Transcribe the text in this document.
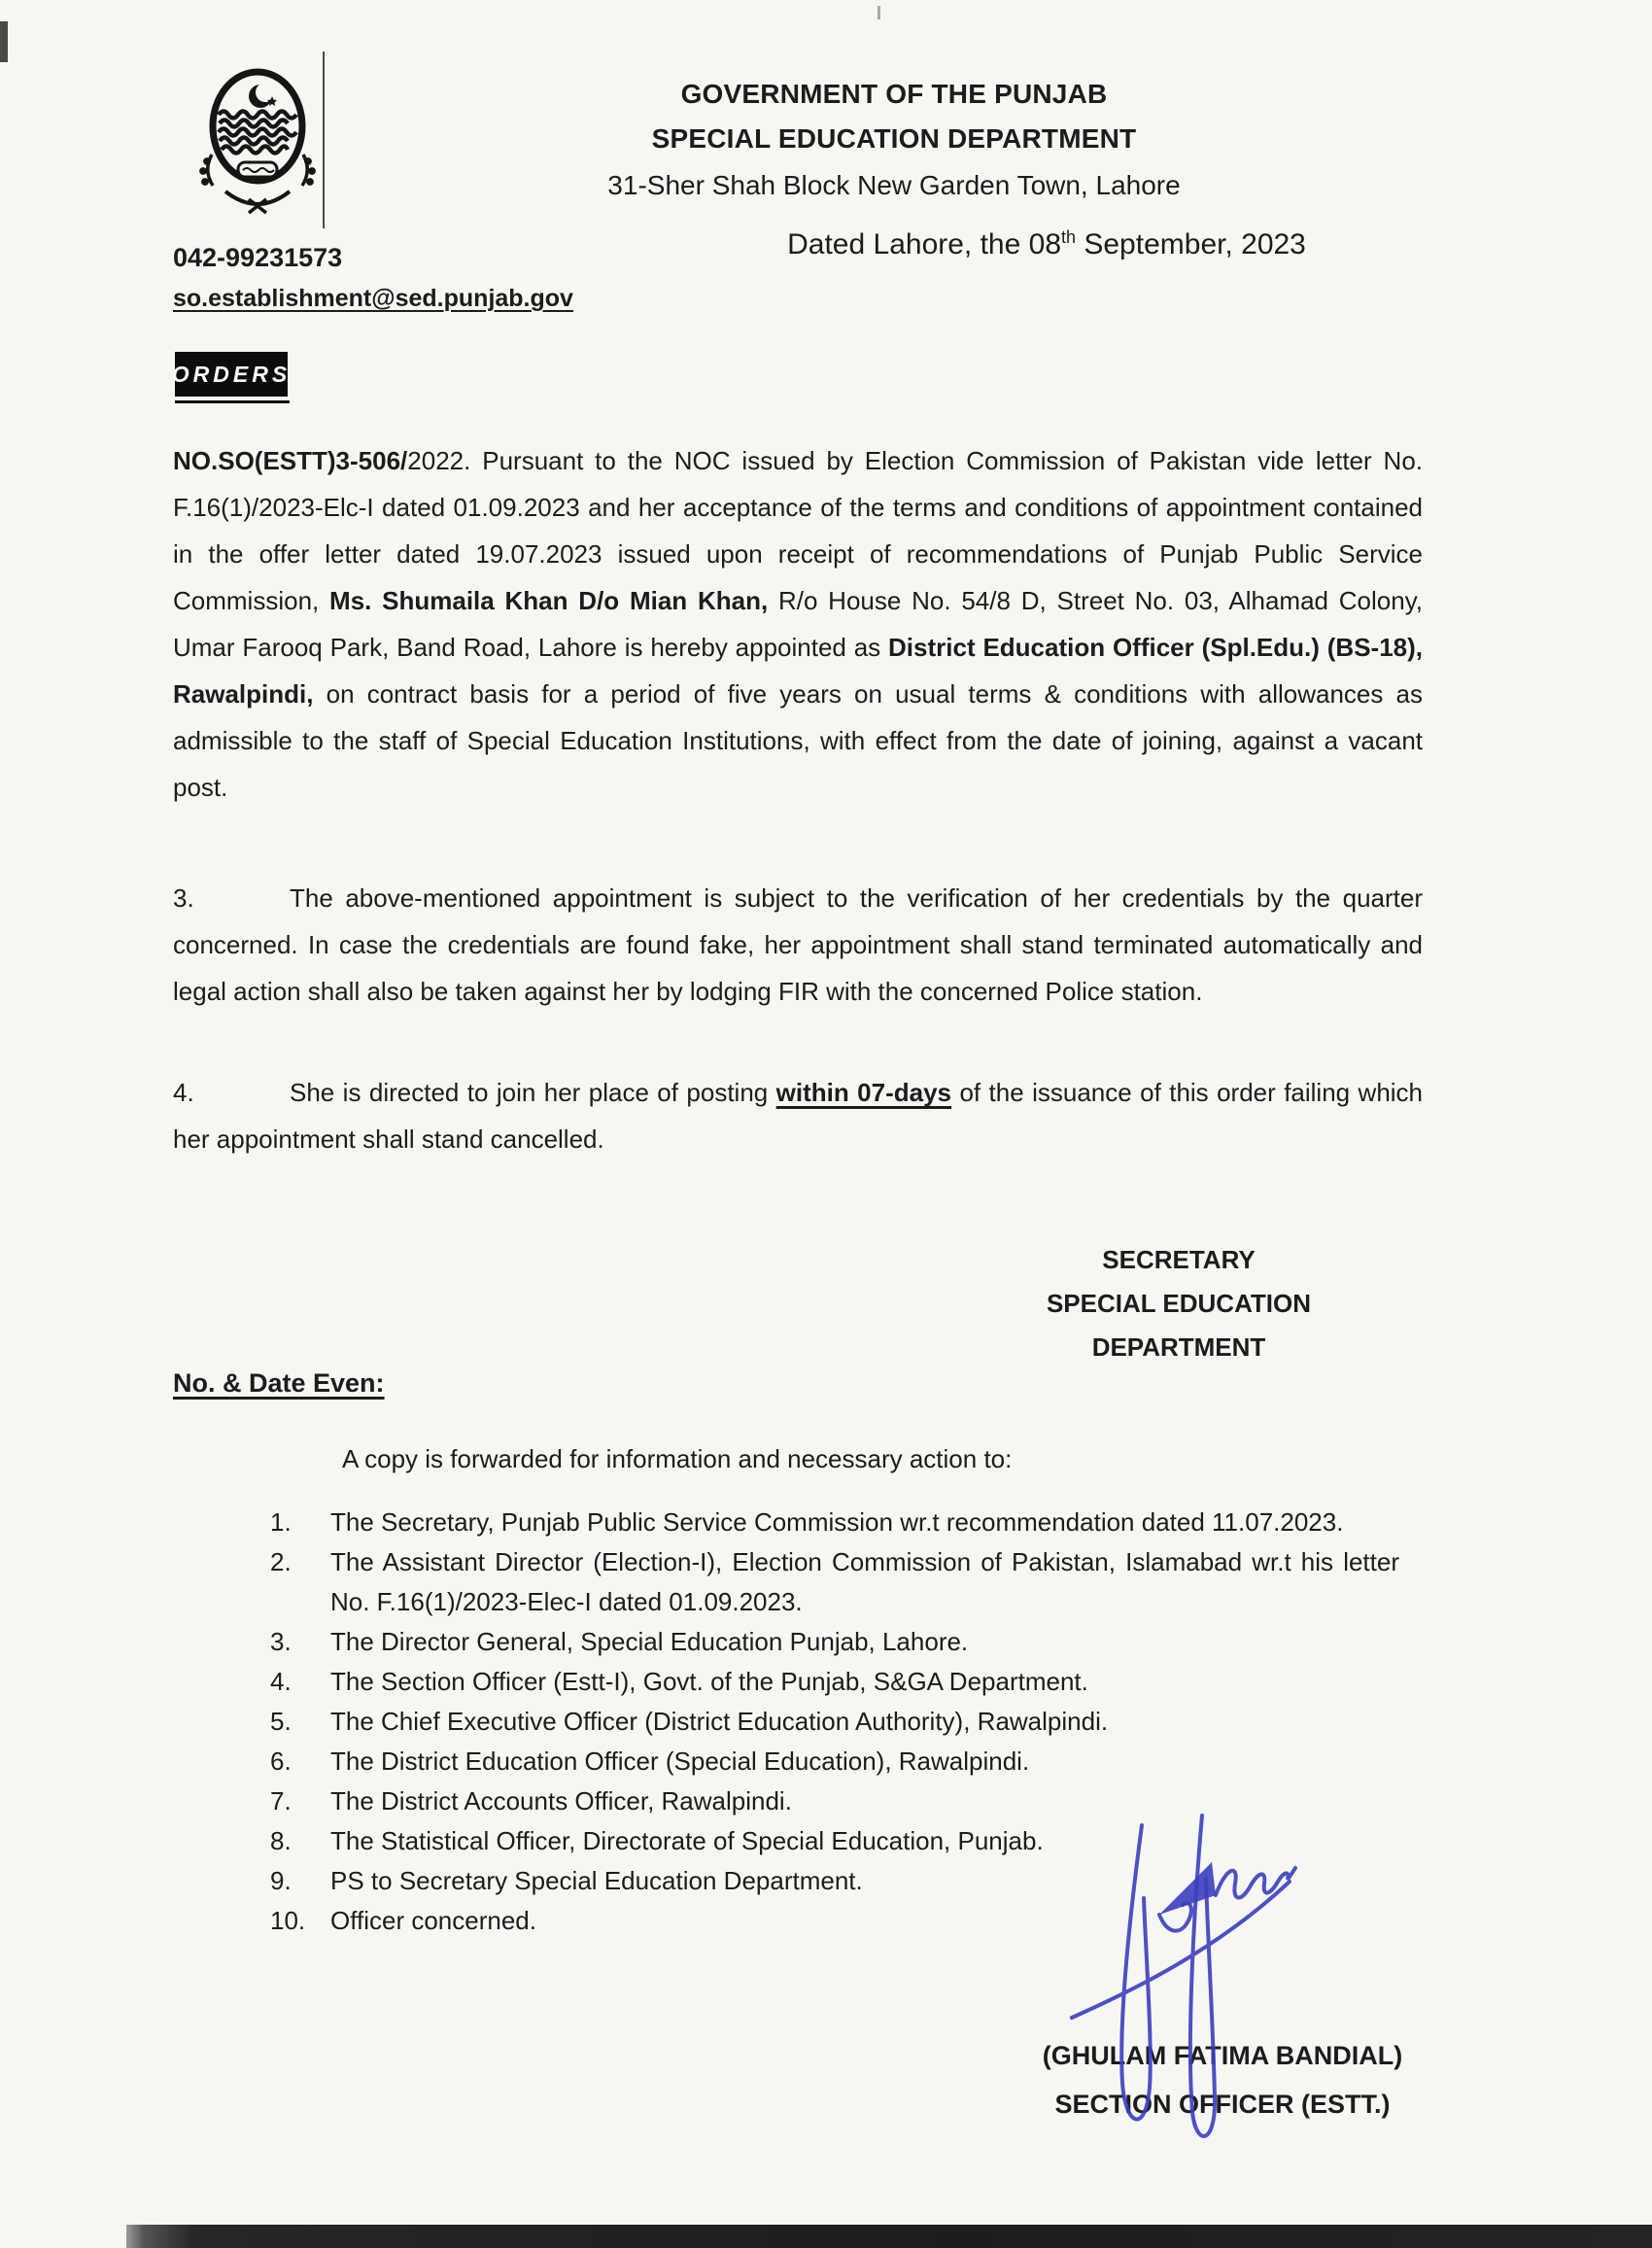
GOVERNMENT OF THE PUNJAB
SPECIAL EDUCATION DEPARTMENT
31-Sher Shah Block New Garden Town, Lahore
Dated Lahore, the 08th September, 2023
042-99231573
so.establishment@sed.punjab.gov
ORDERS
NO.SO(ESTT)3-506/2022. Pursuant to the NOC issued by Election Commission of Pakistan vide letter No. F.16(1)/2023-Elc-I dated 01.09.2023 and her acceptance of the terms and conditions of appointment contained in the offer letter dated 19.07.2023 issued upon receipt of recommendations of Punjab Public Service Commission, Ms. Shumaila Khan D/o Mian Khan, R/o House No. 54/8 D, Street No. 03, Alhamad Colony, Umar Farooq Park, Band Road, Lahore is hereby appointed as District Education Officer (Spl.Edu.) (BS-18), Rawalpindi, on contract basis for a period of five years on usual terms & conditions with allowances as admissible to the staff of Special Education Institutions, with effect from the date of joining, against a vacant post.
3.	The above-mentioned appointment is subject to the verification of her credentials by the quarter concerned. In case the credentials are found fake, her appointment shall stand terminated automatically and legal action shall also be taken against her by lodging FIR with the concerned Police station.
4.	She is directed to join her place of posting within 07-days of the issuance of this order failing which her appointment shall stand cancelled.
SECRETARY
SPECIAL EDUCATION
DEPARTMENT
No. & Date Even:
A copy is forwarded for information and necessary action to:
1.	The Secretary, Punjab Public Service Commission wr.t recommendation dated 11.07.2023.
2.	The Assistant Director (Election-I), Election Commission of Pakistan, Islamabad wr.t his letter No. F.16(1)/2023-Elec-I dated 01.09.2023.
3.	The Director General, Special Education Punjab, Lahore.
4.	The Section Officer (Estt-I), Govt. of the Punjab, S&GA Department.
5.	The Chief Executive Officer (District Education Authority), Rawalpindi.
6.	The District Education Officer (Special Education), Rawalpindi.
7.	The District Accounts Officer, Rawalpindi.
8.	The Statistical Officer, Directorate of Special Education, Punjab.
9.	PS to Secretary Special Education Department.
10. Officer concerned.
(GHULAM FATIMA BANDIAL)
SECTION OFFICER (ESTT.)
